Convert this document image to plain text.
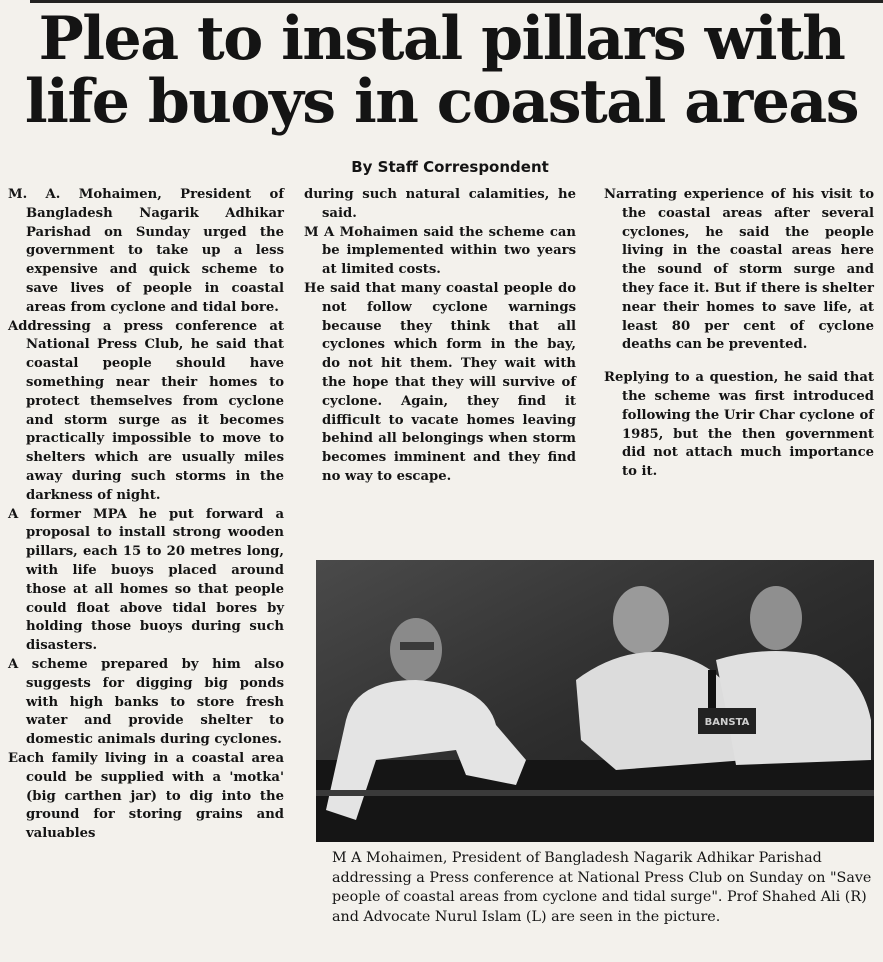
Plea to instal pillars with
life buoys in coastal areas
By Staff Correspondent

M. A. Mohaimen, President of Bangladesh Nagarik Adhikar Parishad on Sunday urged the government to take up a less expensive and quick scheme to save lives of people in coastal areas from cyclone and tidal bore.

Addressing a press conference at National Press Club, he said that coastal people should have something near their homes to protect themselves from cyclone and storm surge as it becomes practically impossible to move to shelters which are usually miles away during such storms in the darkness of night.

A former MPA he put forward a proposal to install strong wooden pillars, each 15 to 20 metres long, with life buoys placed around those at all homes so that people could float above tidal bores by holding those buoys during such disasters.

A scheme prepared by him also suggests for digging big ponds with high banks to store fresh water and provide shelter to domestic animals during cyclones.

Each family living in a coastal area could be supplied with a 'motka' (big carthen jar) to dig into the ground for storing grains and valuables

during such natural calamities, he said.

M A Mohaimen said the scheme can be implemented within two years at limited costs.

He said that many coastal people do not follow cyclone warnings because they think that all cyclones which form in the bay, do not hit them. They wait with the hope that they will survive of cyclone. Again, they find it difficult to vacate homes leaving behind all belongings when storm becomes imminent and they find no way to escape.

Narrating experience of his visit to the coastal areas after several cyclones, he said the people living in the coastal areas here the sound of storm surge and they face it. But if there is shelter near their homes to save life, at least 80 per cent of cyclone deaths can be prevented.

Replying to a question, he said that the scheme was first introduced following the Urir Char cyclone of 1985, but the then government did not attach much importance to it.

BANSTA

M A Mohaimen, President of Bangladesh Nagarik Adhikar Parishad addressing a Press conference at National Press Club on Sunday on "Save people of coastal areas from cyclone and tidal surge". Prof Shahed Ali (R) and Advocate Nurul Islam (L) are seen in the picture.
